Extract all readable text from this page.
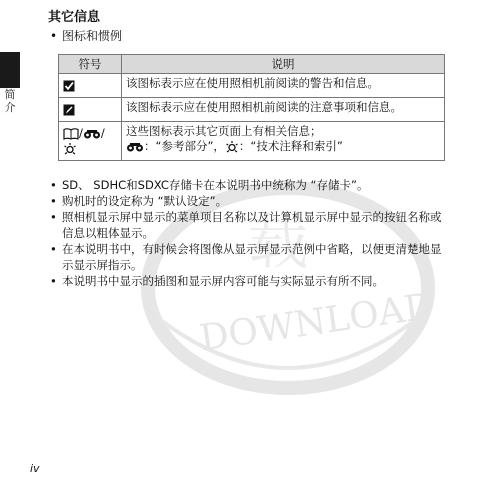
DOWNLOAD
载
简介
其它信息
• 图标和惯例
符号	说明
	该图标表示应在使用照相机前阅读的警告和信息。
	该图标表示应在使用照相机前阅读的注意事项和信息。
/ /	这些图标表示其它页面上有相关信息；
：“参考部分”， ：“技术注释和索引”
• SD、 SDHC和SDXC存储卡在本说明书中统称为 “存储卡”。
• 购机时的设定称为 “默认设定”。
• 照相机显示屏中显示的菜单项目名称以及计算机显示屏中显示的按钮名称或信息以粗体显示。
• 在本说明书中，有时候会将图像从显示屏显示范例中省略，以便更清楚地显示显示屏指示。
• 本说明书中显示的插图和显示屏内容可能与实际显示有所不同。
iv
